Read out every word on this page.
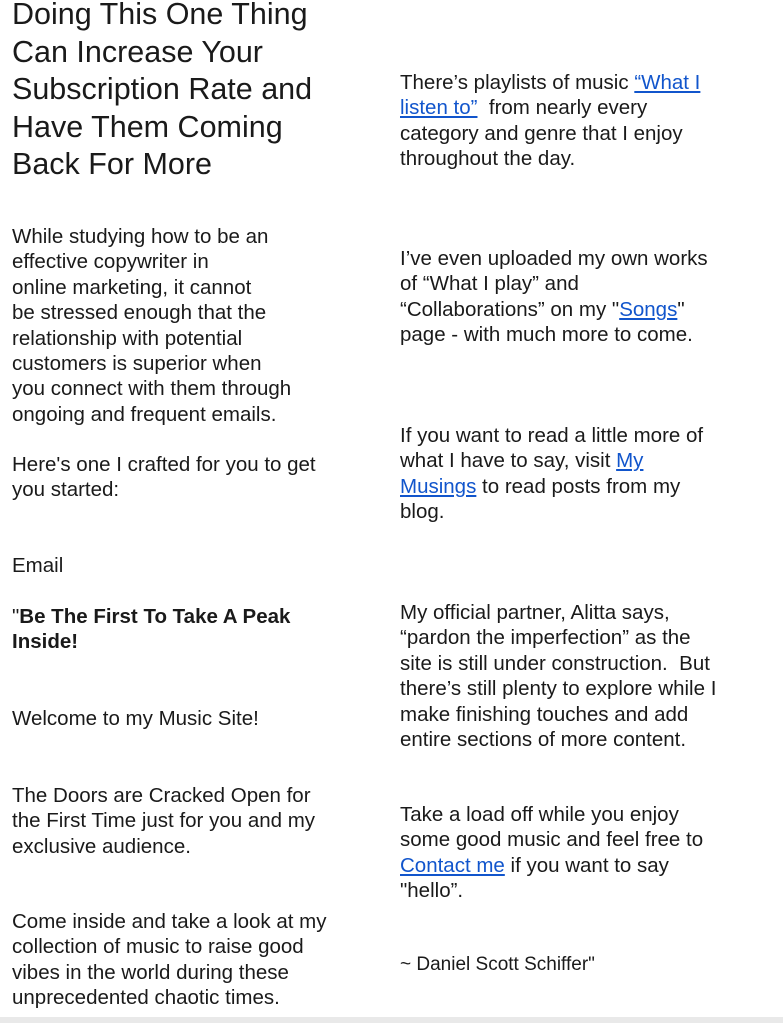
Doing This One Thing
Can Increase Your
Subscription Rate and
Have Them Coming
Back For More
While studying how to be an
effective copywriter in
online marketing, it cannot
be stressed enough that the
relationship with potential
customers is superior when
you connect with them through
ongoing and frequent emails.
Here's one I crafted for you to get
you started:
Email
"Be The First To Take A Peak
Inside!
Welcome to my Music Site!
The Doors are Cracked Open for
the First Time just for you and my
exclusive audience.
Come inside and take a look at my
collection of music to raise good
vibes in the world during these
unprecedented chaotic times.
There’s playlists of music “What I
listen to”  from nearly every
category and genre that I enjoy
throughout the day.
I’ve even uploaded my own works
of “What I play” and
“Collaborations” on my "Songs"
page - with much more to come.
If you want to read a little more of
what I have to say, visit My
Musings to read posts from my
blog.
My official partner, Alitta says,
“pardon the imperfection” as the
site is still under construction.  But
there’s still plenty to explore while I
make finishing touches and add
entire sections of more content.
Take a load off while you enjoy
some good music and feel free to
Contact me if you want to say
"hello”.
~ Daniel Scott Schiffer"
